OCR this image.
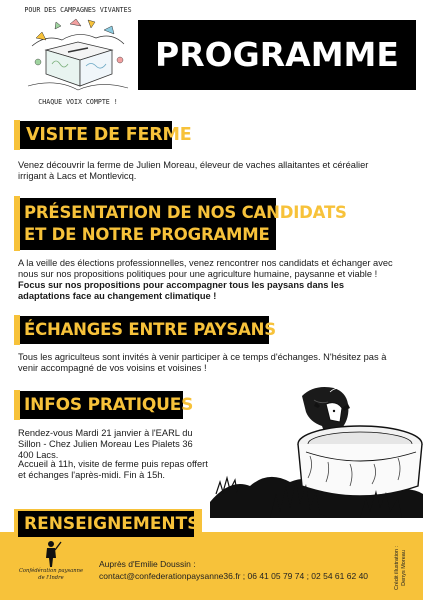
POUR DES CAMPAGNES VIVANTES
CHAQUE VOIX COMPTE !
PROGRAMME
VISITE DE FERME
Venez découvrir la ferme de Julien Moreau, éleveur de vaches allaitantes et céréalier irrigant à Lacs et Montlevicq.
PRÉSENTATION DE NOS CANDIDATS
ET DE NOTRE PROGRAMME
A la veille des élections professionnelles, venez rencontrer nos candidats et échanger avec nous sur nos propositions politiques pour une agriculture humaine, paysanne et viable ! Focus sur nos propositions pour accompagner tous les paysans dans les adaptations face au changement climatique !
ÉCHANGES ENTRE PAYSANS
Tous les agriculteus sont invités à venir participer à ce temps d'échanges. N'hésitez pas à venir accompagné de vos voisins et voisines !
INFOS PRATIQUES
Rendez-vous Mardi 21 janvier à l'EARL du Sillon - Chez Julien Moreau Les Pialets 36 400 Lacs.
Accueil à 11h, visite de ferme puis repas offert et échanges l'après-midi. Fin à 15h.
RENSEIGNEMENTS
Confédération paysanne
de l'Indre
Auprès d'Emilie Doussin :
contact@confederationpaysanne36.fr ; 06 41 05 79 74 ; 02 54 61 62 40	Crédit illustration : Denys Moreau
